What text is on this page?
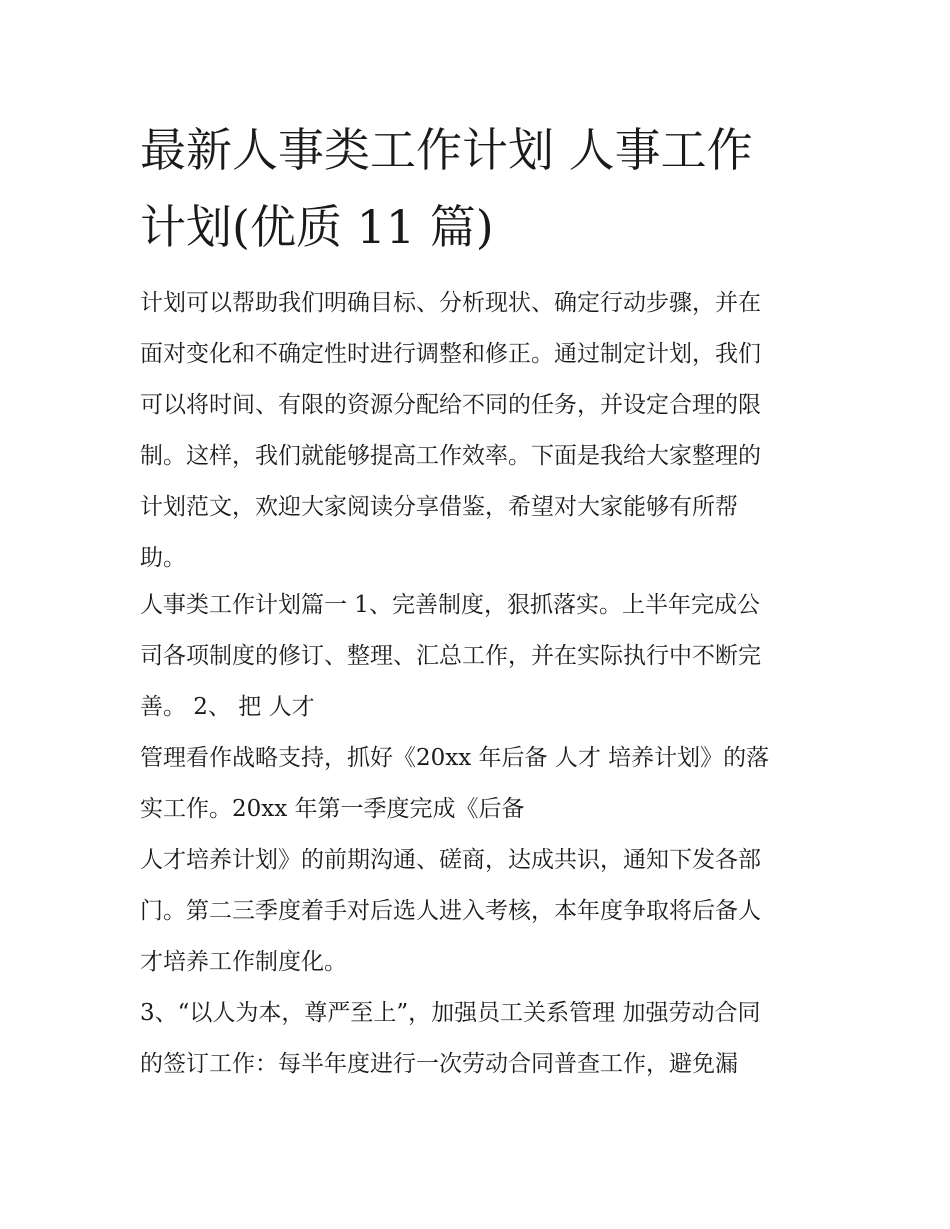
最新人事类工作计划 人事工作
计划(优质 11 篇)
计划可以帮助我们明确目标、分析现状、确定行动步骤，并在
面对变化和不确定性时进行调整和修正。通过制定计划，我们
可以将时间、有限的资源分配给不同的任务，并设定合理的限
制。这样，我们就能够提高工作效率。下面是我给大家整理的
计划范文，欢迎大家阅读分享借鉴，希望对大家能够有所帮
助。
人事类工作计划篇一 1、完善制度，狠抓落实。上半年完成公
司各项制度的修订、整理、汇总工作，并在实际执行中不断完
善。 2、 把 人才
管理看作战略支持，抓好《20xx 年后备 人才 培养计划》的落
实工作。20xx 年第一季度完成《后备
人才培养计划》的前期沟通、磋商，达成共识，通知下发各部
门。第二三季度着手对后选人进入考核，本年度争取将后备人
才培养工作制度化。
3、“以人为本，尊严至上”，加强员工关系管理 加强劳动合同
的签订工作：每半年度进行一次劳动合同普查工作，避免漏
